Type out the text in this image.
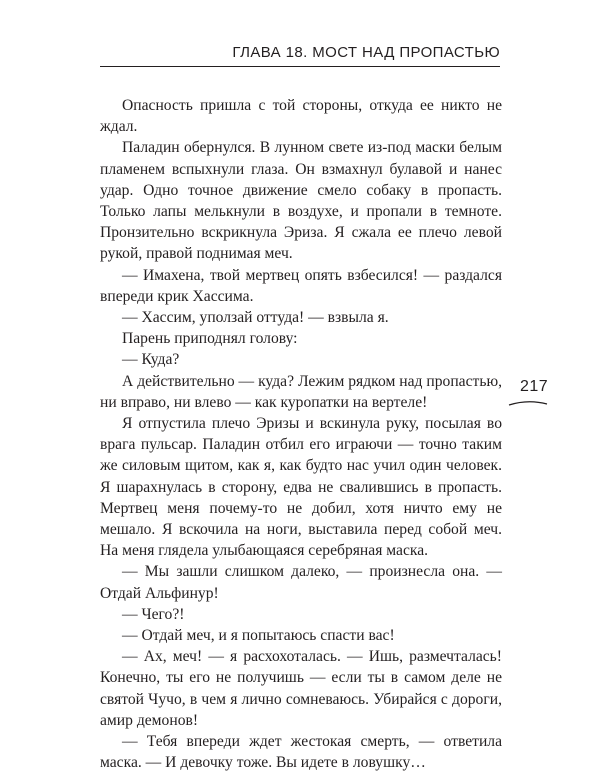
ГЛАВА 18. МОСТ НАД ПРОПАСТЬЮ

Опасность пришла с той стороны, откуда ее никто не ждал.

Паладин обернулся. В лунном свете из-под маски белым пламенем вспыхнули глаза. Он взмахнул булавой и нанес удар. Одно точное движение смело собаку в пропасть. Только лапы мелькнули в воздухе, и пропали в темноте. Пронзительно вскрикнула Эриза. Я сжала ее плечо левой рукой, правой поднимая меч.

— Имахена, твой мертвец опять взбесился! — раздался впереди крик Хассима.

— Хассим, уползай оттуда! — взвыла я.

Парень приподнял голову:

— Куда?

А действительно — куда? Лежим рядком над пропастью, ни вправо, ни влево — как куропатки на вертеле!

Я отпустила плечо Эризы и вскинула руку, посылая во врага пульсар. Паладин отбил его играючи — точно таким же силовым щитом, как я, как будто нас учил один человек. Я шарахнулась в сторону, едва не свалившись в пропасть. Мертвец меня почему-то не добил, хотя ничто ему не мешало. Я вскочила на ноги, выставила перед собой меч. На меня глядела улыбающаяся серебряная маска.

— Мы зашли слишком далеко, — произнесла она. — Отдай Альфинур!

— Чего?!

— Отдай меч, и я попытаюсь спасти вас!

— Ах, меч! — я расхохоталась. — Ишь, размечталась! Конечно, ты его не получишь — если ты в самом деле не святой Чучо, в чем я лично сомневаюсь. Убирайся с дороги, амир демонов!

— Тебя впереди ждет жестокая смерть, — ответила маска. — И девочку тоже. Вы идете в ловушку…

217
